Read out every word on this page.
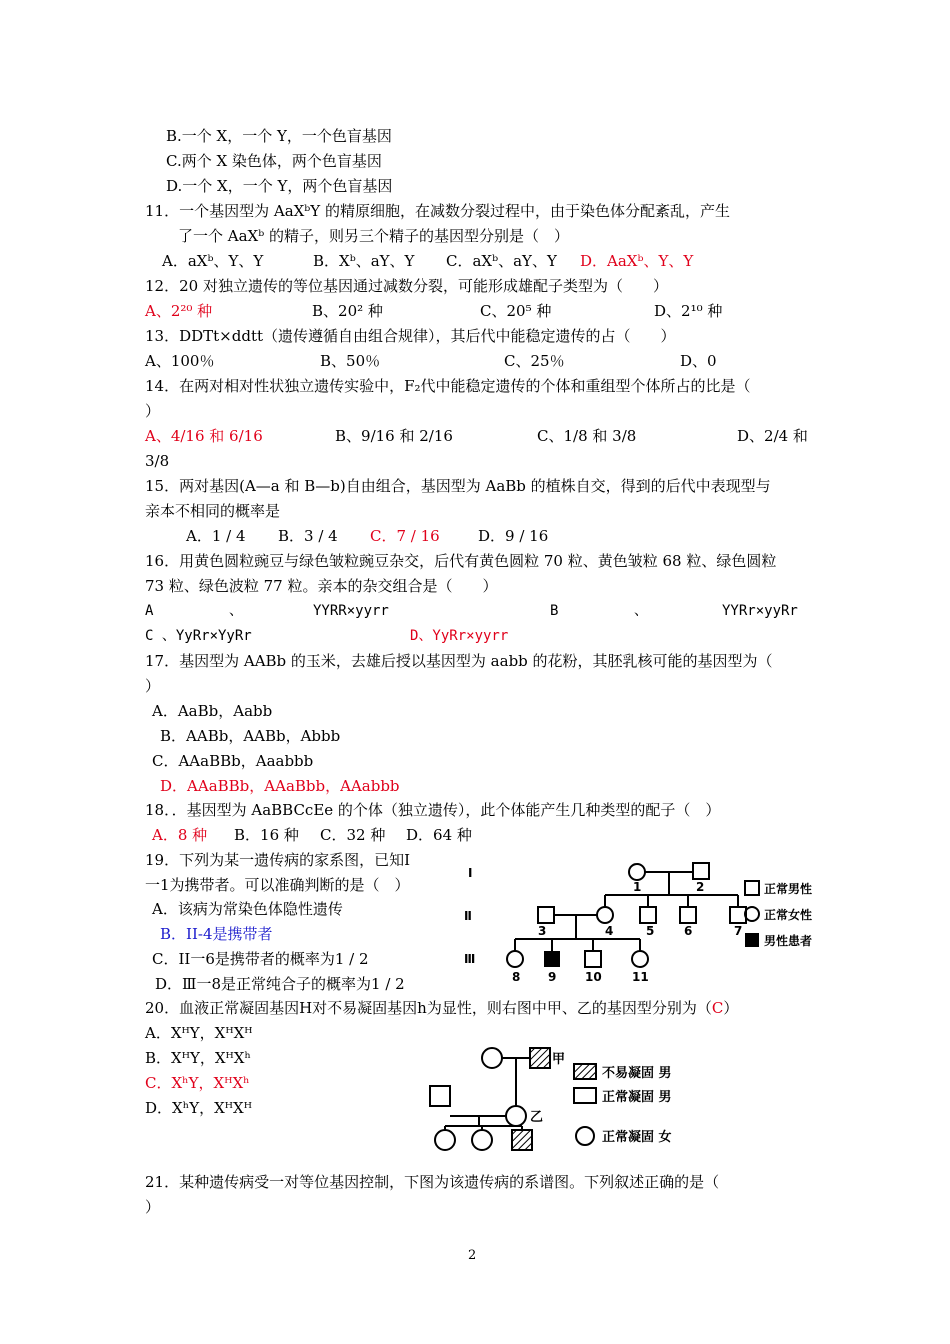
B.一个 X，一个 Y，一个色盲基因
C.两个 X 染色体，两个色盲基因
D.一个 X，一个 Y，两个色盲基因
11．一个基因型为 AaXᵇY 的精原细胞，在减数分裂过程中，由于染色体分配紊乱，产生
了一个 AaXᵇ 的精子，则另三个精子的基因型分别是（　）
A．aXᵇ、Y、Y	B．Xᵇ、aY、Y C．aXᵇ、aY、Y D．AaXᵇ、Y、Y
12．20 对独立遗传的等位基因通过减数分裂，可能形成雄配子类型为（　　）
A、2²⁰ 种	B、20² 种	C、20⁵ 种	D、2¹⁰ 种
13．DDTt×ddtt（遗传遵循自由组合规律），其后代中能稳定遗传的占（　　）
A、100％	B、50％	C、25％	D、0
14．在两对相对性状独立遗传实验中，F₂代中能稳定遗传的个体和重组型个体所占的比是（
）
A、4/16 和 6/16	B、9/16 和 2/16	C、1/8 和 3/8	D、2/4 和
3/8
15．两对基因(A—a 和 B—b)自由组合，基因型为 AaBb 的植株自交，得到的后代中表现型与
亲本不相同的概率是
A．1 / 4 B．3 / 4 C．7 / 16	D．9 / 16
16．用黄色圆粒豌豆与绿色皱粒豌豆杂交，后代有黄色圆粒 70 粒、黄色皱粒 68 粒、绿色圆粒
73 粒、绿色波粒 77 粒。亲本的杂交组合是（　　）
A	、	YYRR×yyrr	B	、	YYRr×yyRr
C 、YyRr×YyRr	D、YyRr×yyrr
17．基因型为 AABb 的玉米，去雄后授以基因型为 aabb 的花粉，其胚乳核可能的基因型为（
）
A．AaBb，Aabb
B．AABb，AABb，Abbb
C．AAaBBb，Aaabbb
D．AAaBBb，AAaBbb，AAabbb
18．．基因型为 AaBBCcEe 的个体（独立遗传），此个体能产生几种类型的配子（　）
A．8 种 B．16 种 C．32 种 D．64 种
19．下列为某一遗传病的家系图，已知Ⅰ
一1为携带者。可以准确判断的是（　）
A．该病为常染色体隐性遗传
B．II-4是携带者
C．II一6是携带者的概率为1 / 2
D．Ⅲ一8是正常纯合子的概率为1 / 2
Ⅰ
Ⅱ
Ⅲ
1	2
3	4	5 6	7
8 9 10	11
正常男性
正常女性
男性患者
20．血液正常凝固基因H对不易凝固基因h为显性，则右图中甲、乙的基因型分别为（C）
A．XᴴY，XᴴXᴴ
B．XᴴY，XᴴXʰ
C．XʰY，XᴴXʰ
D．XʰY，XᴴXᴴ
甲
乙
不易凝固 男
正常凝固 男
正常凝固 女
21．某种遗传病受一对等位基因控制，下图为该遗传病的系谱图。下列叙述正确的是（
）
2
